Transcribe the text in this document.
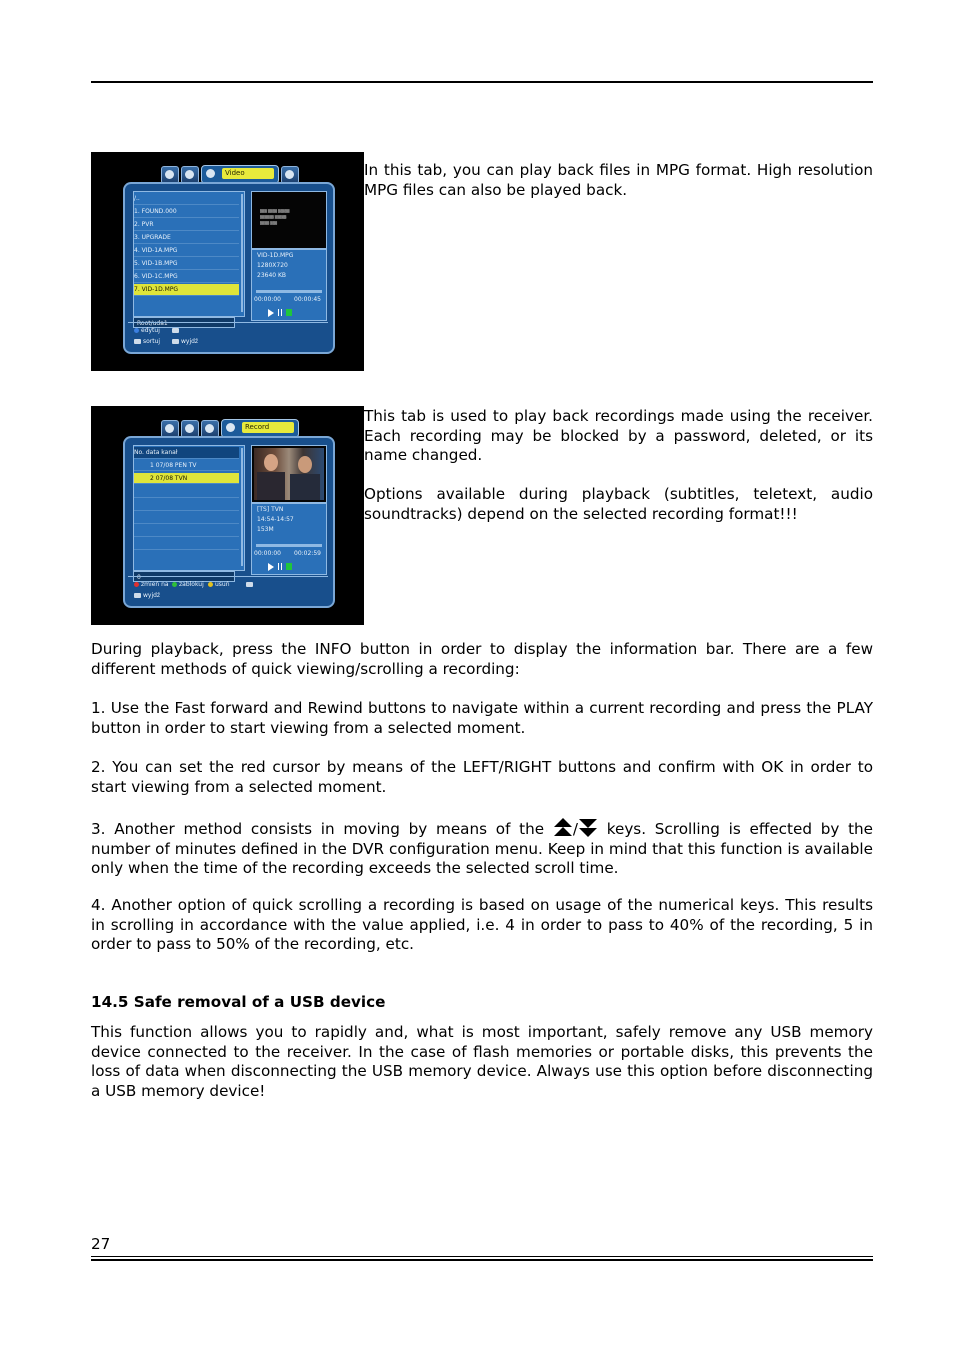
Video
/..
1. FOUND.000
2. PVR
3. UPGRADE
4. VID-1A.MPG
5. VID-1B.MPG
6. VID-1C.MPG
7. VID-1D.MPG
Root/uda1
▒▒▒ ▒▒▒▒ ▒▒▒▒▒
▒▒▒▒▒▒ ▒▒▒▒▒
▒▒▒▒ ▒▒▒
VID-1D.MPG
1280X720
23640 KB
00:00:00 00:00:45
edytuj
sortuj	wyjdź

In this tab, you can play back files in MPG format. High resolution MPG files can also be played back.

Record
No. data kanał
1 07/08 PEN TV
2 07/08 TVN
0
[TS] TVN
14:54-14:57
153M
00:00:00 00:02:59
zmień na	zablokuj	usuń
wyjdź

This tab is used to play back recordings made using the receiver. Each recording may be blocked by a password, deleted, or its name changed.

Options available during playback (subtitles, teletext, audio soundtracks) depend on the selected recording format!!!

During playback, press the INFO button in order to display the information bar. There are a few different methods of quick viewing/scrolling a recording:

1. Use the Fast forward and Rewind buttons to navigate within a current recording and press the PLAY button in order to start viewing from a selected moment.

2. You can set the red cursor by means of the LEFT/RIGHT buttons and confirm with OK in order to start viewing from a selected moment.

3. Another method consists in moving by means of the / keys. Scrolling is effected by the number of minutes defined in the DVR configuration menu. Keep in mind that this function is available only when the time of the recording exceeds the selected scroll time.

4. Another option of quick scrolling a recording is based on usage of the numerical keys. This results in scrolling in accordance with the value applied, i.e. 4 in order to pass to 40% of the recording, 5 in order to pass to 50% of the recording, etc.

14.5 Safe removal of a USB device

This function allows you to rapidly and, what is most important, safely remove any USB memory device connected to the receiver. In the case of flash memories or portable disks, this prevents the loss of data when disconnecting the USB memory device. Always use this option before disconnecting a USB memory device!

27
